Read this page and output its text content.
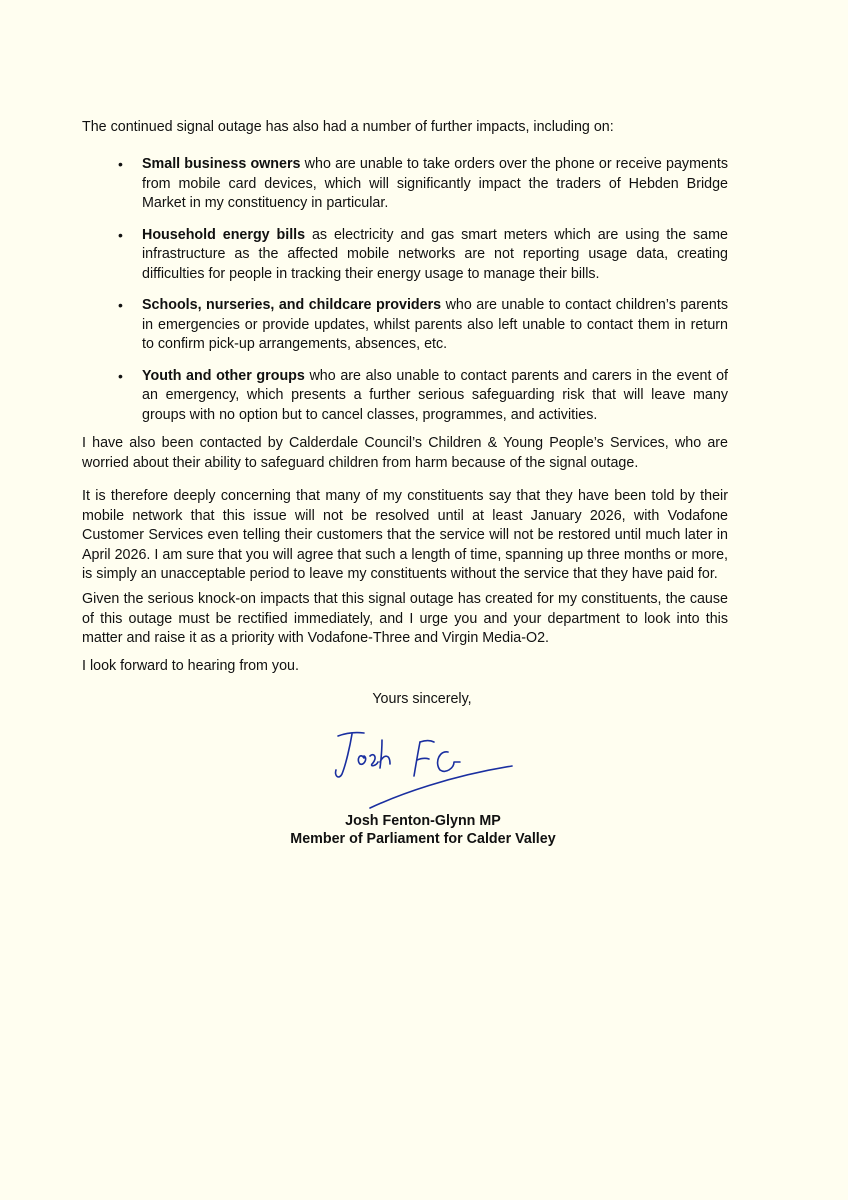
The continued signal outage has also had a number of further impacts, including on:

• Small business owners who are unable to take orders over the phone or receive payments from mobile card devices, which will significantly impact the traders of Hebden Bridge Market in my constituency in particular.
• Household energy bills as electricity and gas smart meters which are using the same infrastructure as the affected mobile networks are not reporting usage data, creating difficulties for people in tracking their energy usage to manage their bills.
• Schools, nurseries, and childcare providers who are unable to contact children’s parents in emergencies or provide updates, whilst parents also left unable to contact them in return to confirm pick-up arrangements, absences, etc.
• Youth and other groups who are also unable to contact parents and carers in the event of an emergency, which presents a further serious safeguarding risk that will leave many groups with no option but to cancel classes, programmes, and activities.

I have also been contacted by Calderdale Council’s Children & Young People’s Services, who are worried about their ability to safeguard children from harm because of the signal outage.

It is therefore deeply concerning that many of my constituents say that they have been told by their mobile network that this issue will not be resolved until at least January 2026, with Vodafone Customer Services even telling their customers that the service will not be restored until much later in April 2026. I am sure that you will agree that such a length of time, spanning up three months or more, is simply an unacceptable period to leave my constituents without the service that they have paid for.

Given the serious knock-on impacts that this signal outage has created for my constituents, the cause of this outage must be rectified immediately, and I urge you and your department to look into this matter and raise it as a priority with Vodafone-Three and Virgin Media-O2.

I look forward to hearing from you.

Yours sincerely,

Josh Fenton-Glynn MP

Member of Parliament for Calder Valley
